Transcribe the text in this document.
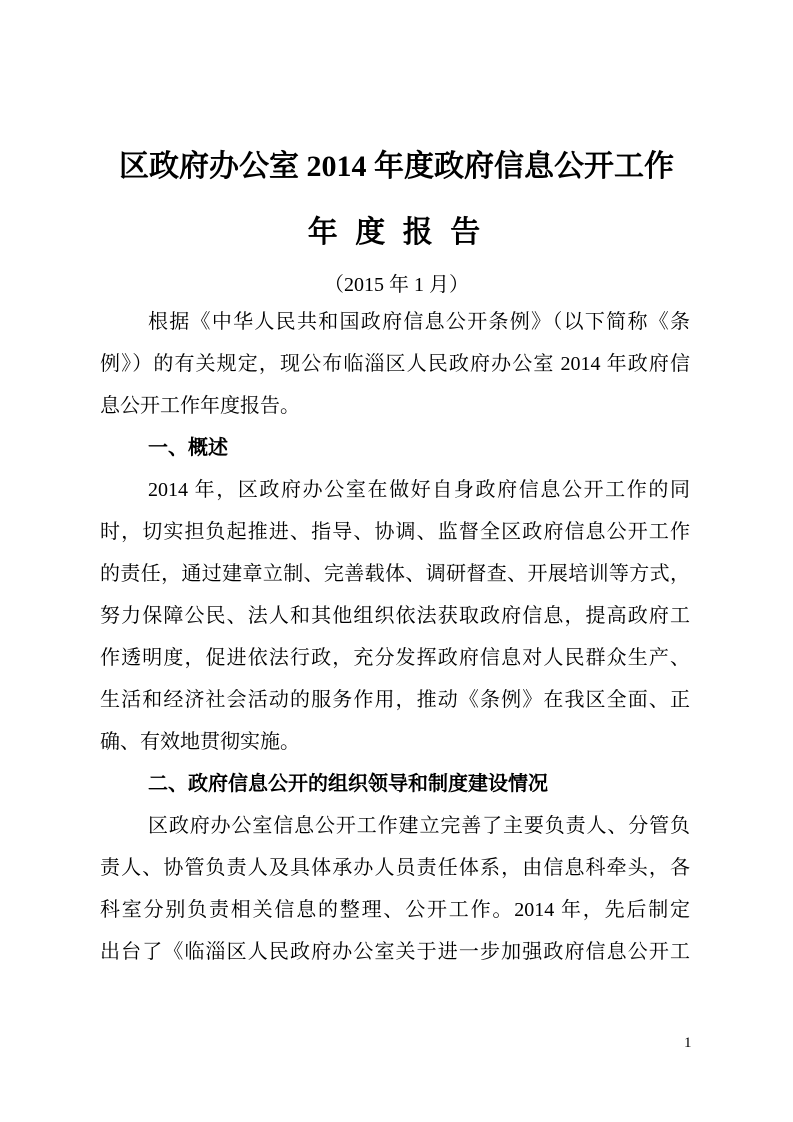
区政府办公室 2014 年度政府信息公开工作
年 度 报 告
（2015 年 1 月）
根据《中华人民共和国政府信息公开条例》（以下简称《条
例》）的有关规定，现公布临淄区人民政府办公室 2014 年政府信
息公开工作年度报告。
一、概述
2014 年，区政府办公室在做好自身政府信息公开工作的同
时，切实担负起推进、指导、协调、监督全区政府信息公开工作
的责任，通过建章立制、完善载体、调研督查、开展培训等方式，
努力保障公民、法人和其他组织依法获取政府信息，提高政府工
作透明度，促进依法行政，充分发挥政府信息对人民群众生产、
生活和经济社会活动的服务作用，推动《条例》在我区全面、正
确、有效地贯彻实施。
二、政府信息公开的组织领导和制度建设情况
区政府办公室信息公开工作建立完善了主要负责人、分管负
责人、协管负责人及具体承办人员责任体系，由信息科牵头，各
科室分别负责相关信息的整理、公开工作。2014 年，先后制定
出台了《临淄区人民政府办公室关于进一步加强政府信息公开工
1
